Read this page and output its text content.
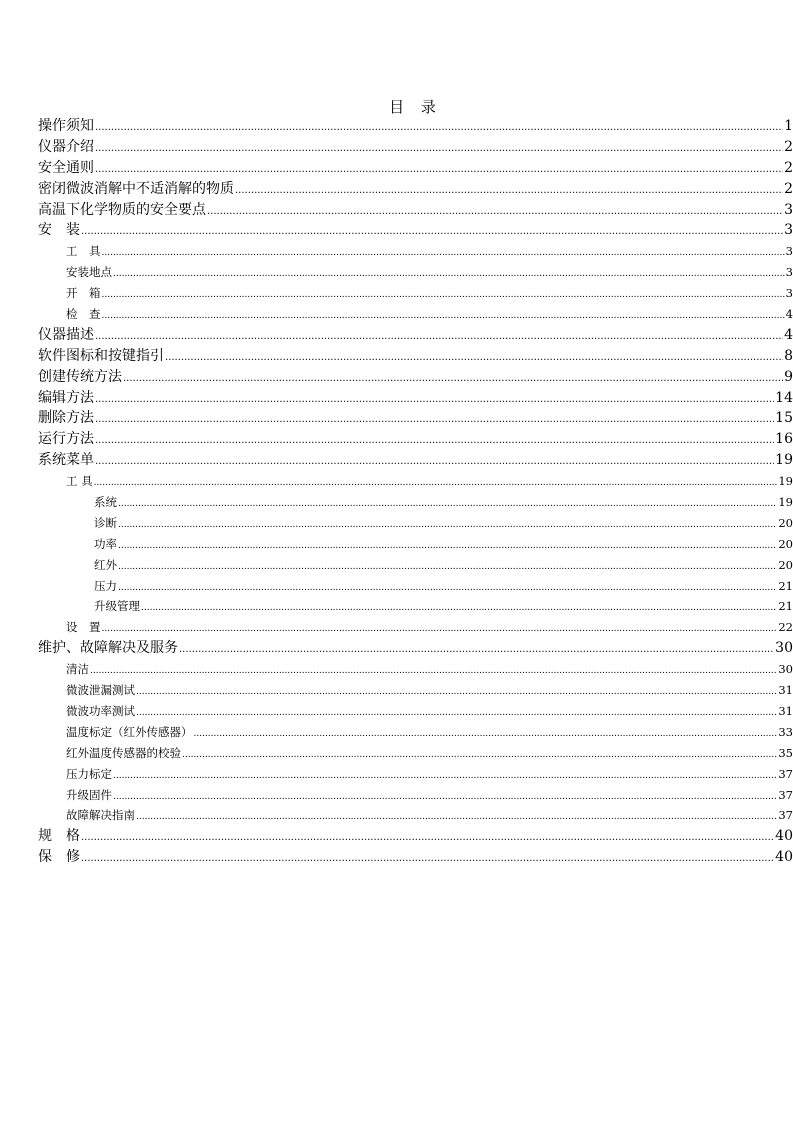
目 录
操作须知 .....	1
仪器介绍 .....	2
安全通则 .....	2
密闭微波消解中不适消解的物质 .....	2
高温下化学物质的安全要点 .....	3
安　装 .....	3
工　具 .....	3
安装地点 .....	3
开　箱 .....	3
检　查 .....	4
仪器描述 .....	4
软件图标和按键指引 .....	8
创建传统方法 .....	9
编辑方法 .....	14
删除方法 .....	15
运行方法 .....	16
系统菜单 .....	19
工 具 .....	19
系统 .....	19
诊断 .....	20
功率 .....	20
红外 .....	20
压力 .....	21
升级管理 .....	21
设　置 .....	22
维护、故障解决及服务 .....	30
清洁 .....	30
微波泄漏测试 .....	31
微波功率测试 .....	31
温度标定（红外传感器） .....	33
红外温度传感器的校验 .....	35
压力标定 .....	37
升级固件 .....	37
故障解决指南 .....	37
规　格 .....	40
保　修 .....	40
